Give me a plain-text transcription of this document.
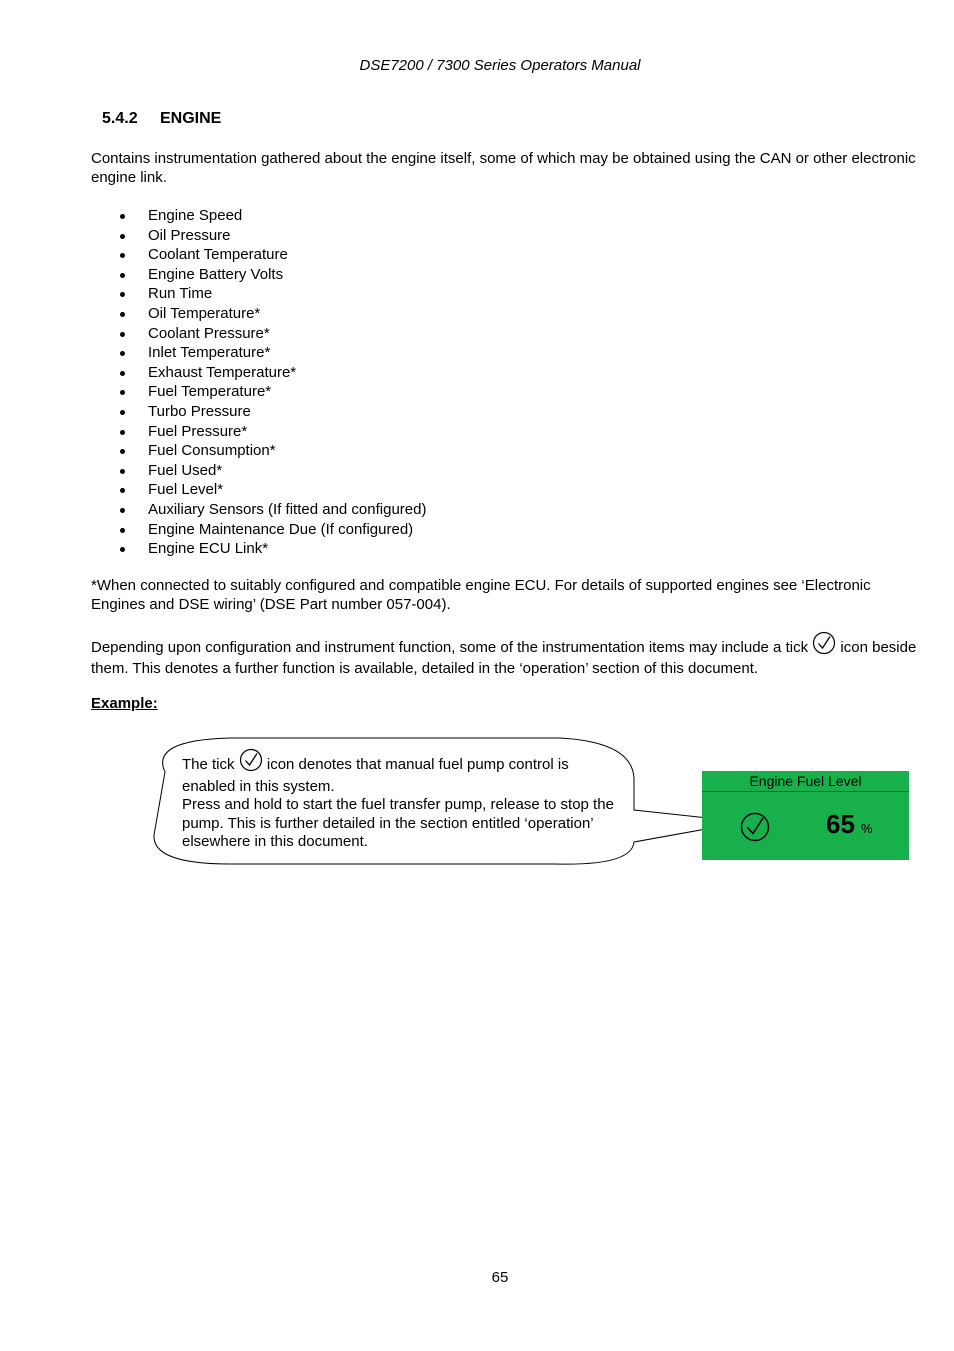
DSE7200 / 7300 Series Operators Manual
5.4.2 ENGINE

Contains instrumentation gathered about the engine itself, some of which may be obtained using the CAN or other electronic engine link.

Engine Speed
Oil Pressure
Coolant Temperature
Engine Battery Volts
Run Time
Oil Temperature*
Coolant Pressure*
Inlet Temperature*
Exhaust Temperature*
Fuel Temperature*
Turbo Pressure
Fuel Pressure*
Fuel Consumption*
Fuel Used*
Fuel Level*
Auxiliary Sensors (If fitted and configured)
Engine Maintenance Due (If configured)
Engine ECU Link*

*When connected to suitably configured and compatible engine ECU. For details of supported engines see ‘Electronic Engines and DSE wiring’ (DSE Part number 057-004).

Depending upon configuration and instrument function, some of the instrumentation items may include a tick  icon beside them. This denotes a further function is available, detailed in the ‘operation’ section of this document.

Example:

The tick  icon denotes that manual fuel pump control is enabled in this system.
Press and hold to start the fuel transfer pump, release to stop the pump. This is further detailed in the section entitled ‘operation’ elsewhere in this document.

Engine Fuel Level
65 %
65
